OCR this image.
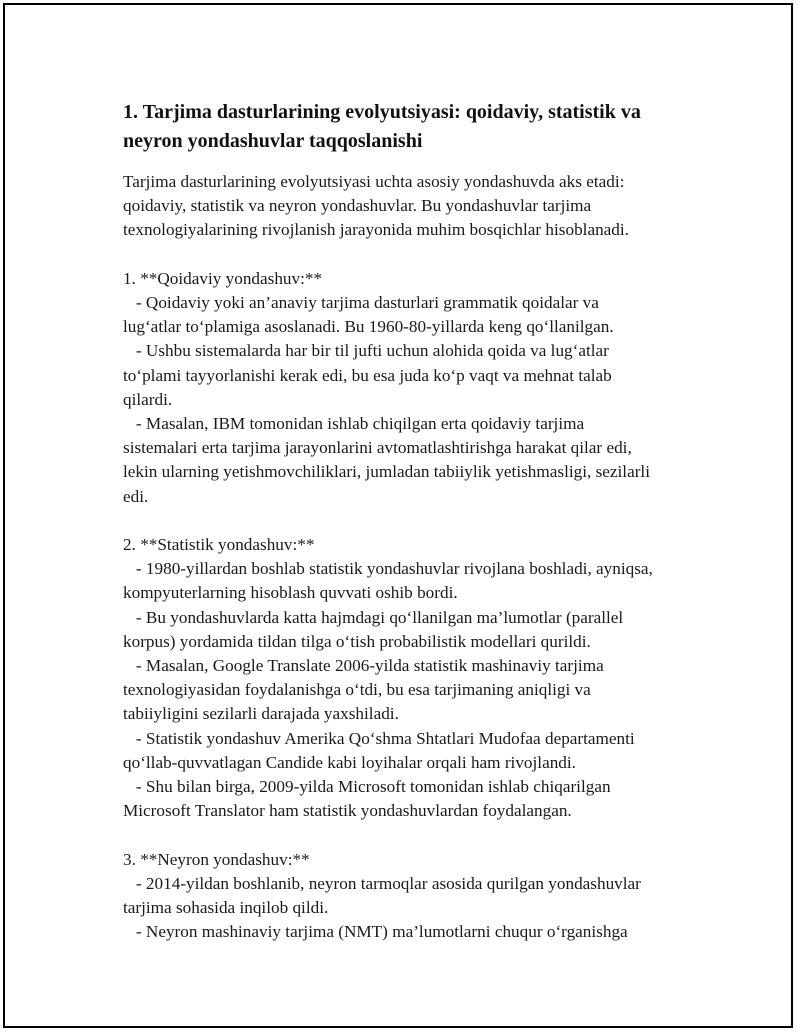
1. Tarjima dasturlarining evolyutsiyasi: qoidaviy, statistik va
neyron yondashuvlar taqqoslanishi
Tarjima dasturlarining evolyutsiyasi uchta asosiy yondashuvda aks etadi:
qoidaviy, statistik va neyron yondashuvlar. Bu yondashuvlar tarjima
texnologiyalarining rivojlanish jarayonida muhim bosqichlar hisoblanadi.

1. **Qoidaviy yondashuv:**
- Qoidaviy yoki an’anaviy tarjima dasturlari grammatik qoidalar va
lug‘atlar to‘plamiga asoslanadi. Bu 1960-80-yillarda keng qo‘llanilgan.
- Ushbu sistemalarda har bir til jufti uchun alohida qoida va lug‘atlar
to‘plami tayyorlanishi kerak edi, bu esa juda ko‘p vaqt va mehnat talab
qilardi.
- Masalan, IBM tomonidan ishlab chiqilgan erta qoidaviy tarjima
sistemalari erta tarjima jarayonlarini avtomatlashtirishga harakat qilar edi,
lekin ularning yetishmovchiliklari, jumladan tabiiylik yetishmasligi, sezilarli
edi.

2. **Statistik yondashuv:**
- 1980-yillardan boshlab statistik yondashuvlar rivojlana boshladi, ayniqsa,
kompyuterlarning hisoblash quvvati oshib bordi.
- Bu yondashuvlarda katta hajmdagi qo‘llanilgan ma’lumotlar (parallel
korpus) yordamida tildan tilga o‘tish probabilistik modellari qurildi.
- Masalan, Google Translate 2006-yilda statistik mashinaviy tarjima
texnologiyasidan foydalanishga o‘tdi, bu esa tarjimaning aniqligi va
tabiiyligini sezilarli darajada yaxshiladi.
- Statistik yondashuv Amerika Qo‘shma Shtatlari Mudofaa departamenti
qo‘llab-quvvatlagan Candide kabi loyihalar orqali ham rivojlandi.
- Shu bilan birga, 2009-yilda Microsoft tomonidan ishlab chiqarilgan
Microsoft Translator ham statistik yondashuvlardan foydalangan.

3. **Neyron yondashuv:**
- 2014-yildan boshlanib, neyron tarmoqlar asosida qurilgan yondashuvlar
tarjima sohasida inqilob qildi.
- Neyron mashinaviy tarjima (NMT) ma’lumotlarni chuqur o‘rganishga
